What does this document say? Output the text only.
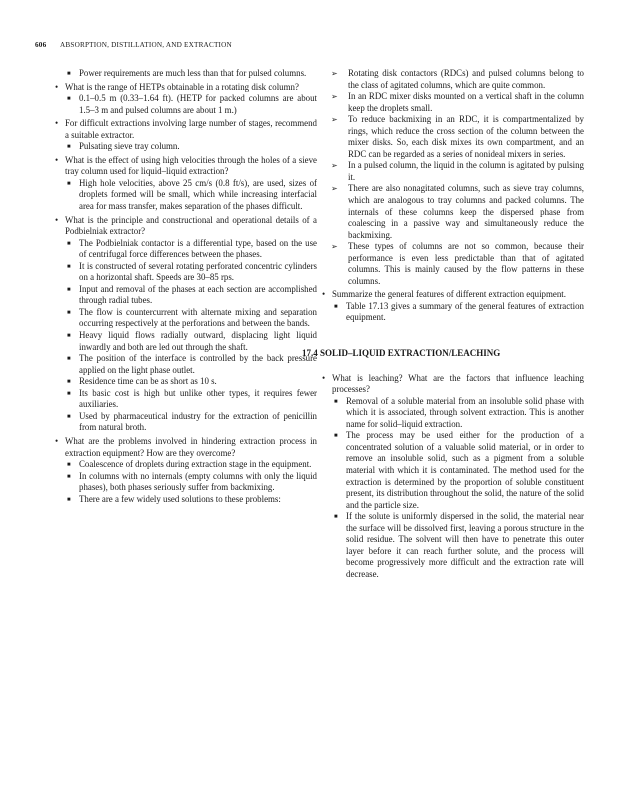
606 ABSORPTION, DISTILLATION, AND EXTRACTION
■ Power requirements are much less than that for pulsed columns.
• What is the range of HETPs obtainable in a rotating disk column?
■ 0.1–0.5 m (0.33–1.64 ft). (HETP for packed columns are about 1.5–3 m and pulsed columns are about 1 m.)
• For difficult extractions involving large number of stages, recommend a suitable extractor.
■ Pulsating sieve tray column.
• What is the effect of using high velocities through the holes of a sieve tray column used for liquid–liquid extraction?
■ High hole velocities, above 25 cm/s (0.8 ft/s), are used, sizes of droplets formed will be small, which while increasing interfacial area for mass transfer, makes separation of the phases difficult.
• What is the principle and constructional and operational details of a Podbielniak extractor?
■ The Podbielniak contactor is a differential type, based on the use of centrifugal force differences between the phases.
■ It is constructed of several rotating perforated concentric cylinders on a horizontal shaft. Speeds are 30–85 rps.
■ Input and removal of the phases at each section are accomplished through radial tubes.
■ The flow is countercurrent with alternate mixing and separation occurring respectively at the perforations and between the bands.
■ Heavy liquid flows radially outward, displacing light liquid inwardly and both are led out through the shaft.
■ The position of the interface is controlled by the back pressure applied on the light phase outlet.
■ Residence time can be as short as 10 s.
■ Its basic cost is high but unlike other types, it requires fewer auxiliaries.
■ Used by pharmaceutical industry for the extraction of penicillin from natural broth.
• What are the problems involved in hindering extraction process in extraction equipment? How are they overcome?
■ Coalescence of droplets during extraction stage in the equipment.
■ In columns with no internals (empty columns with only the liquid phases), both phases seriously suffer from backmixing.
■ There are a few widely used solutions to these problems:
➢ Rotating disk contactors (RDCs) and pulsed columns belong to the class of agitated columns, which are quite common.
➢ In an RDC mixer disks mounted on a vertical shaft in the column keep the droplets small.
➢ To reduce backmixing in an RDC, it is compartmentalized by rings, which reduce the cross section of the column between the mixer disks. So, each disk mixes its own compartment, and an RDC can be regarded as a series of nonideal mixers in series.
➢ In a pulsed column, the liquid in the column is agitated by pulsing it.
➢ There are also nonagitated columns, such as sieve tray columns, which are analogous to tray columns and packed columns. The internals of these columns keep the dispersed phase from coalescing in a passive way and simultaneously reduce the backmixing.
➢ These types of columns are not so common, because their performance is even less predictable than that of agitated columns. This is mainly caused by the flow patterns in these columns.
• Summarize the general features of different extraction equipment.
■ Table 17.13 gives a summary of the general features of extraction equipment.
17.4 SOLID–LIQUID EXTRACTION/LEACHING
• What is leaching? What are the factors that influence leaching processes?
■ Removal of a soluble material from an insoluble solid phase with which it is associated, through solvent extraction. This is another name for solid–liquid extraction.
■ The process may be used either for the production of a concentrated solution of a valuable solid material, or in order to remove an insoluble solid, such as a pigment from a soluble material with which it is contaminated. The method used for the extraction is determined by the proportion of soluble constituent present, its distribution throughout the solid, the nature of the solid and the particle size.
■ If the solute is uniformly dispersed in the solid, the material near the surface will be dissolved first, leaving a porous structure in the solid residue. The solvent will then have to penetrate this outer layer before it can reach further solute, and the process will become progressively more difficult and the extraction rate will decrease.
